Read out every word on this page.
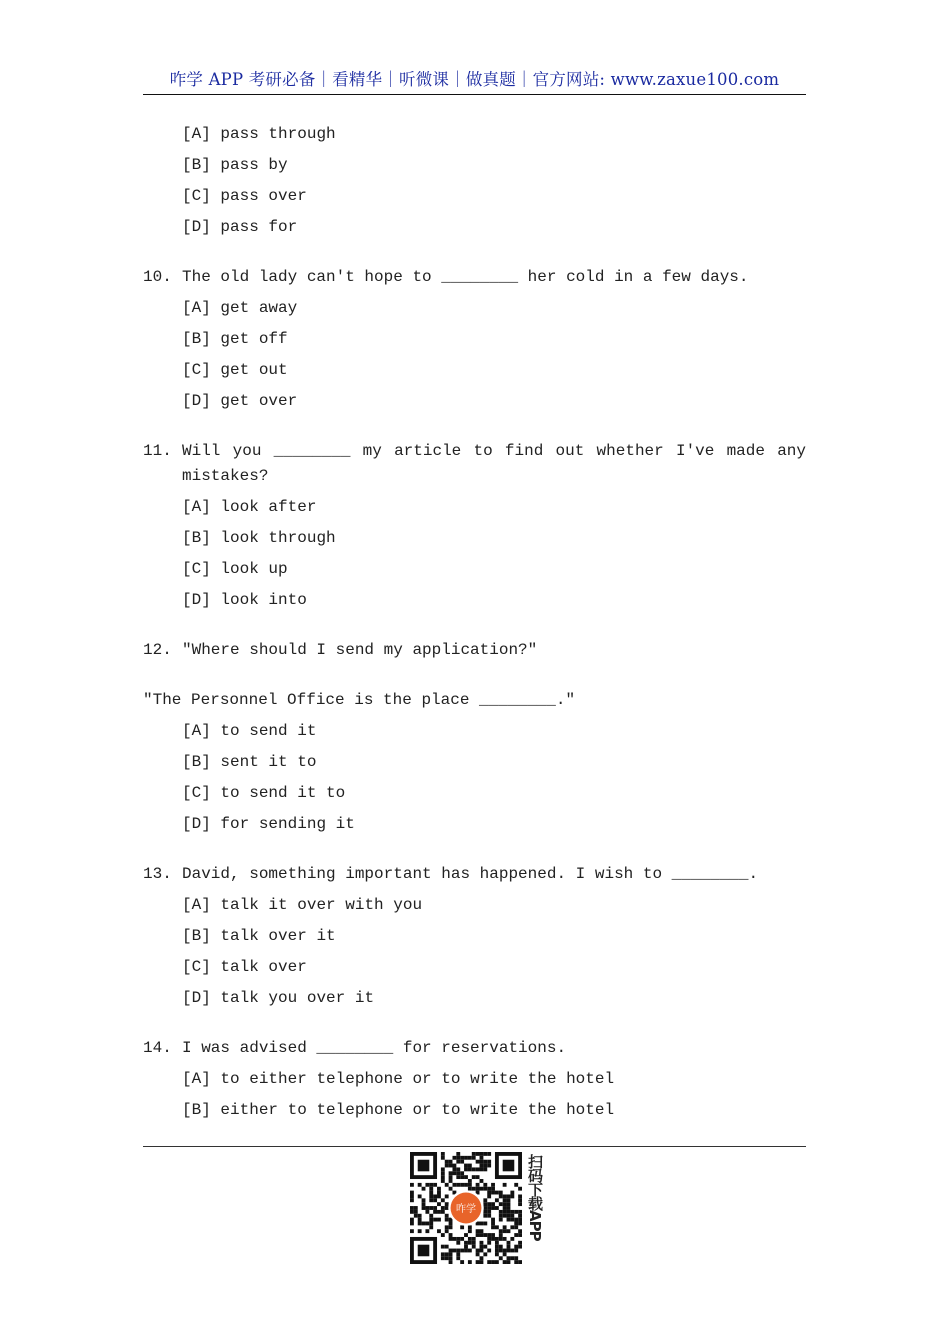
咋学 APP 考研必备｜看精华｜听微课｜做真题｜官方网站: www.zaxue100.com
[A] pass through
[B] pass by
[C] pass over
[D] pass for
10. The old lady can't hope to ________ her cold in a few days.
[A] get away
[B] get off
[C] get out
[D] get over
11. Will you ________ my article to find out whether I've made any mistakes?
[A] look after
[B] look through
[C] look up
[D] look into
12. "Where should I send my application?"
"The Personnel Office is the place ________."
[A] to send it
[B] sent it to
[C] to send it to
[D] for sending it
13. David, something important has happened. I wish to ________.
[A] talk it over with you
[B] talk over it
[C] talk over
[D] talk you over it
14. I was advised ________ for reservations.
[A] to either telephone or to write the hotel
[B] either to telephone or to write the hotel
咋学	扫码下载APP
